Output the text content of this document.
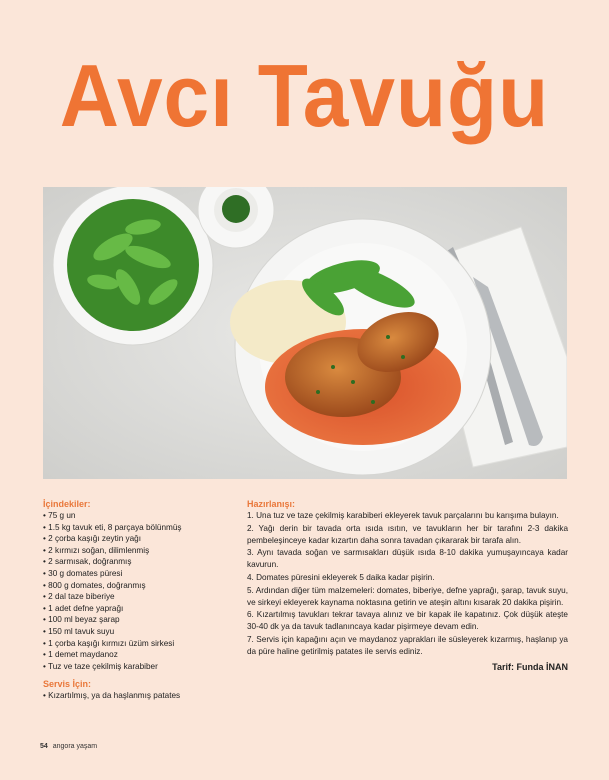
Avcı Tavuğu
İçindekiler:
• 75 g un
• 1.5 kg tavuk eti, 8 parçaya bölünmüş
• 2 çorba kaşığı zeytin yağı
• 2 kırmızı soğan, dilimlenmiş
• 2 sarmısak, doğranmış
• 30 g domates püresi
• 800 g domates, doğranmış
• 2 dal taze biberiye
• 1 adet defne yaprağı
• 100 ml beyaz şarap
• 150 ml tavuk suyu
• 1 çorba kaşığı kırmızı üzüm sirkesi
• 1 demet maydanoz
• Tuz ve taze çekilmiş karabiber
Servis İçin:
• Kızartılmış, ya da haşlanmış patates
Hazırlanışı:

1. Una tuz ve taze çekilmiş karabiberi ekleyerek tavuk parçalarını bu karışıma bulayın.

2. Yağı derin bir tavada orta ısıda ısıtın, ve tavukların her bir tarafını 2-3 dakika pembeleşinceye kadar kızartın daha sonra tavadan çıkararak bir tarafa alın.

3. Aynı tavada soğan ve sarmısakları düşük ısıda 8-10 dakika yumuşayıncaya kadar kavurun.

4. Domates püresini ekleyerek 5 daika kadar pişirin.

5. Ardından diğer tüm malzemeleri: domates, biberiye, defne yaprağı, şarap, tavuk suyu, ve sirkeyi ekleyerek kaynama noktasına getirin ve ateşin altını kısarak 20 dakika pişirin.

6. Kızartılmış tavukları tekrar tavaya alınız ve bir kapak ile kapatınız. Çok düşük ateşte 30-40 dk ya da tavuk tadlanıncaya kadar pişirmeye devam edin.

7. Servis için kapağını açın ve maydanoz yaprakları ile süsleyerek kızarmış, haşlanıp ya da püre haline getirilmiş patates ile servis ediniz.

Tarif: Funda İNAN
54 angora yaşam
